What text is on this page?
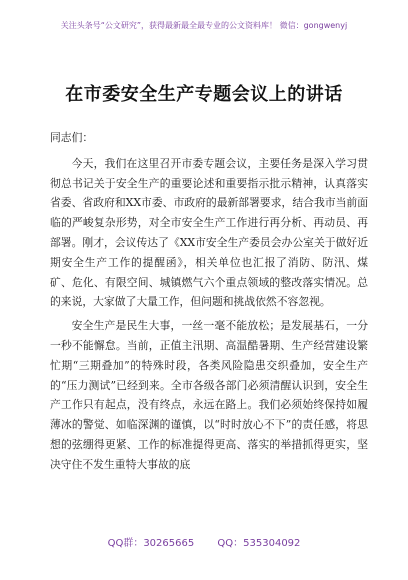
关注头条号“公文研究”，获得最新最全最专业的公文资料库！ 微信：gongwenyj
在市委安全生产专题会议上的讲话

同志们：

今天，我们在这里召开市委专题会议，主要任务是深入学习贯彻总书记关于安全生产的重要论述和重要指示批示精神，认真落实省委、省政府和XX市委、市政府的最新部署要求，结合我市当前面临的严峻复杂形势，对全市安全生产工作进行再分析、再动员、再部署。刚才，会议传达了《XX市安全生产委员会办公室关于做好近期安全生产工作的提醒函》，相关单位也汇报了消防、防汛、煤矿、危化、有限空间、城镇燃气六个重点领域的整改落实情况。总的来说，大家做了大量工作，但问题和挑战依然不容忽视。

安全生产是民生大事，一丝一毫不能放松；是发展基石，一分一秒不能懈怠。当前，正值主汛期、高温酷暑期、生产经营建设繁忙期“三期叠加”的特殊时段，各类风险隐患交织叠加，安全生产的“压力测试”已经到来。全市各级各部门必须清醒认识到，安全生产工作只有起点，没有终点，永远在路上。我们必须始终保持如履薄冰的警觉、如临深渊的谨慎，以“时时放心不下”的责任感，将思想的弦绷得更紧、工作的标准提得更高、落实的举措抓得更实，坚决守住不发生重特大事故的底

QQ群：30265665 QQ：535304092
